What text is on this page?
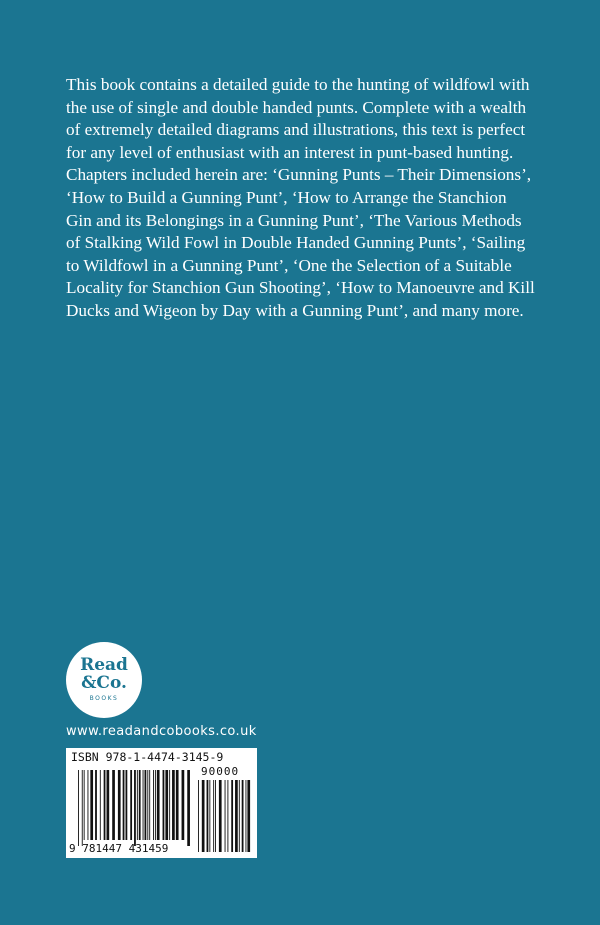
This book contains a detailed guide to the hunting of wildfowl with the use of single and double handed punts. Complete with a wealth of extremely detailed diagrams and illustrations, this text is perfect for any level of enthusiast with an interest in punt-based hunting. Chapters included herein are: ‘Gunning Punts – Their Dimensions’, ‘How to Build a Gunning Punt’, ‘How to Arrange the Stanchion Gin and its Belongings in a Gunning Punt’, ‘The Various Methods of Stalking Wild Fowl in Double Handed Gunning Punts’, ‘Sailing to Wildfowl in a Gunning Punt’, ‘One the Selection of a Suitable Locality for Stanchion Gun Shooting’, ‘How to Manoeuvre and Kill Ducks and Wigeon by Day with a Gunning Punt’, and many more.

Read
&Co.
BOOKS
www.readandcobooks.co.uk
ISBN 978-1-4474-3145-9
90000
9 781447 431459
